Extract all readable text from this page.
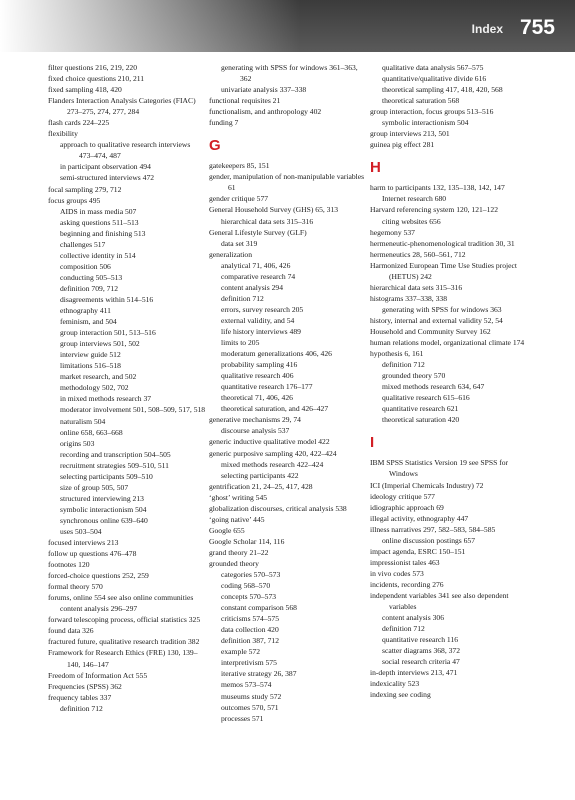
Index 755
filter questions 216, 219, 220
fixed choice questions 210, 211
fixed sampling 418, 420
Flanders Interaction Analysis Categories (FIAC) 273–275, 274, 277, 284
flash cards 224–225
flexibility
approach to qualitative research interviews 473–474, 487
in participant observation 494
semi-structured interviews 472
focal sampling 279, 712
focus groups 495
AIDS in mass media 507
asking questions 511–513
beginning and finishing 513
challenges 517
collective identity in 514
composition 506
conducting 505–513
definition 709, 712
disagreements within 514–516
ethnography 411
feminism, and 504
group interaction 501, 513–516
group interviews 501, 502
interview guide 512
limitations 516–518
market research, and 502
methodology 502, 702
in mixed methods research 37
moderator involvement 501, 508–509, 517, 518
naturalism 504
online 658, 663–668
origins 503
recording and transcription 504–505
recruitment strategies 509–510, 511
selecting participants 509–510
size of group 505, 507
structured interviewing 213
symbolic interactionism 504
synchronous online 639–640
uses 503–504
focused interviews 213
follow up questions 476–478
footnotes 120
forced-choice questions 252, 259
formal theory 570
forums, online 554 see also online communities
content analysis 296–297
forward telescoping process, official statistics 325
found data 326
fractured future, qualitative research tradition 382
Framework for Research Ethics (FRE) 130, 139–140, 146–147
Freedom of Information Act 555
Frequencies (SPSS) 362
frequency tables 337
definition 712
generating with SPSS for windows 361–363, 362
univariate analysis 337–338
functional requisites 21
functionalism, and anthropology 402
funding 7
G
gatekeepers 85, 151
gender, manipulation of non-manipulable variables 61
gender critique 577
General Household Survey (GHS) 65, 313
hierarchical data sets 315–316
General Lifestyle Survey (GLF)
data set 319
generalization
analytical 71, 406, 426
comparative research 74
content analysis 294
definition 712
errors, survey research 205
external validity, and 54
life history interviews 489
limits to 205
moderatum generalizations 406, 426
probability sampling 416
qualitative research 406
quantitative research 176–177
theoretical 71, 406, 426
theoretical saturation, and 426–427
generative mechanisms 29, 74
discourse analysis 537
generic inductive qualitative model 422
generic purposive sampling 420, 422–424
mixed methods research 422–424
selecting participants 422
gentrification 21, 24–25, 417, 428
‘ghost’ writing 545
globalization discourses, critical analysis 538
‘going native’ 445
Google 655
Google Scholar 114, 116
grand theory 21–22
grounded theory
categories 570–573
coding 568–570
concepts 570–573
constant comparison 568
criticisms 574–575
data collection 420
definition 387, 712
example 572
interpretivism 575
iterative strategy 26, 387
memos 573–574
museums study 572
outcomes 570, 571
processes 571
qualitative data analysis 567–575
quantitative/qualitative divide 616
theoretical sampling 417, 418, 420, 568
theoretical saturation 568
group interaction, focus groups 513–516
symbolic interactionism 504
group interviews 213, 501
guinea pig effect 281
H
harm to participants 132, 135–138, 142, 147
Internet research 680
Harvard referencing system 120, 121–122
citing websites 656
hegemony 537
hermeneutic-phenomenological tradition 30, 31
hermeneutics 28, 560–561, 712
Harmonized European Time Use Studies project (HETUS) 242
hierarchical data sets 315–316
histograms 337–338, 338
generating with SPSS for windows 363
history, internal and external validity 52, 54
Household and Community Survey 162
human relations model, organizational climate 174
hypothesis 6, 161
definition 712
grounded theory 570
mixed methods research 634, 647
qualitative research 615–616
quantitative research 621
theoretical saturation 420
I
IBM SPSS Statistics Version 19 see SPSS for Windows
ICI (Imperial Chemicals Industry) 72
ideology critique 577
idiographic approach 69
illegal activity, ethnography 447
illness narratives 297, 582–583, 584–585
online discussion postings 657
impact agenda, ESRC 150–151
impressionist tales 463
in vivo codes 573
incidents, recording 276
independent variables 341 see also dependent variables
content analysis 306
definition 712
quantitative research 116
scatter diagrams 368, 372
social research criteria 47
in-depth interviews 213, 471
indexicality 523
indexing see coding
